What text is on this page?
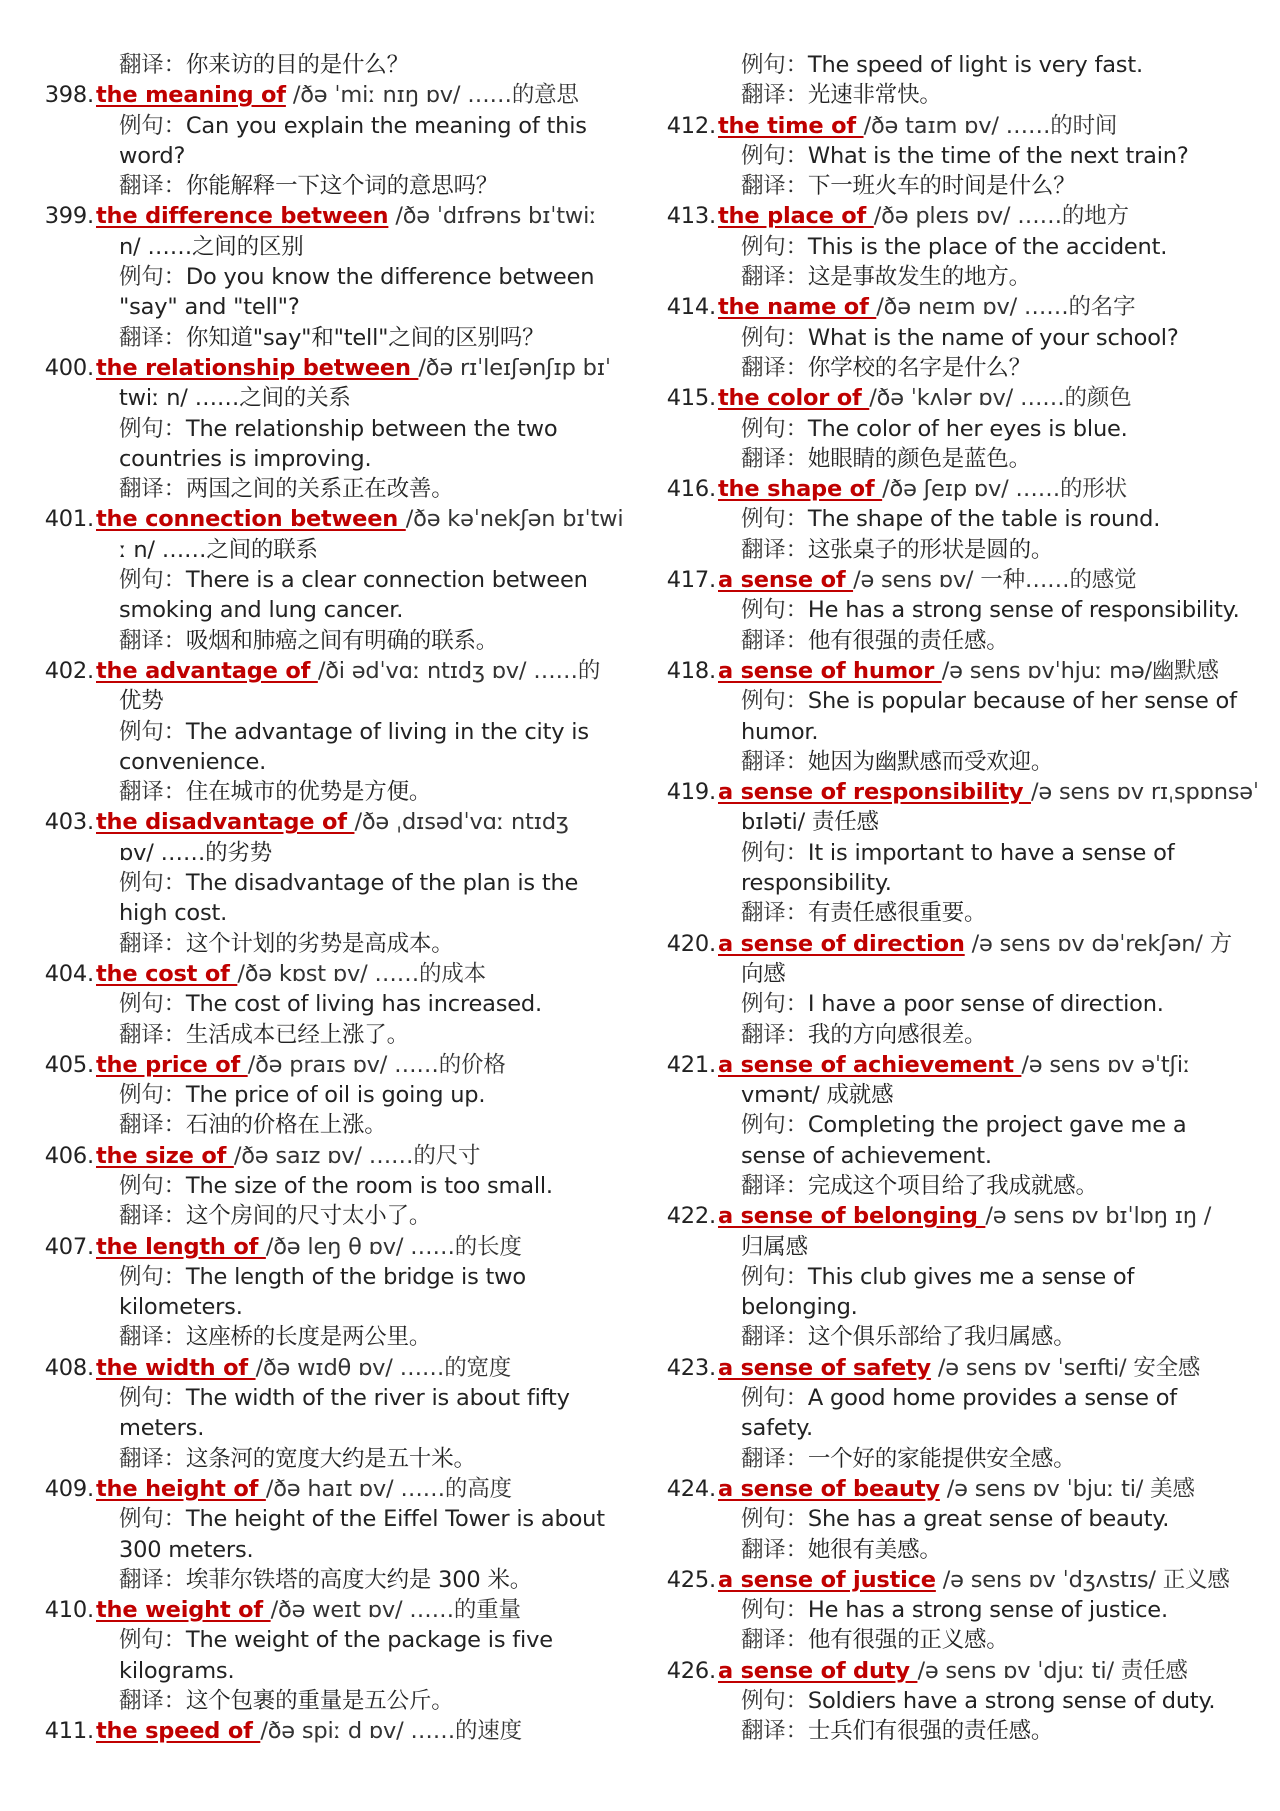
翻译：你来访的目的是什么？
398.the meaning of /ðə ˈmiː nɪŋ ɒv/ ……的意思
例句：Can you explain the meaning of this
word?
翻译：你能解释一下这个词的意思吗？
399.the difference between /ðə ˈdɪfrəns bɪˈtwiː
n/ ……之间的区别
例句：Do you know the difference between
"say" and "tell"?
翻译：你知道"say"和"tell"之间的区别吗？
400.the relationship between /ðə rɪˈleɪʃənʃɪp bɪˈ
twiː n/ ……之间的关系
例句：The relationship between the two
countries is improving.
翻译：两国之间的关系正在改善。
401.the connection between /ðə kəˈnekʃən bɪˈtwi
ː n/ ……之间的联系
例句：There is a clear connection between
smoking and lung cancer.
翻译：吸烟和肺癌之间有明确的联系。
402.the advantage of /ði ədˈvɑː ntɪdʒ ɒv/ ……的
优势
例句：The advantage of living in the city is
convenience.
翻译：住在城市的优势是方便。
403.the disadvantage of /ðə ˌdɪsədˈvɑː ntɪdʒ
ɒv/ ……的劣势
例句：The disadvantage of the plan is the
high cost.
翻译：这个计划的劣势是高成本。
404.the cost of /ðə kɒst ɒv/ ……的成本
例句：The cost of living has increased.
翻译：生活成本已经上涨了。
405.the price of /ðə praɪs ɒv/ ……的价格
例句：The price of oil is going up.
翻译：石油的价格在上涨。
406.the size of /ðə saɪz ɒv/ ……的尺寸
例句：The size of the room is too small.
翻译：这个房间的尺寸太小了。
407.the length of /ðə leŋ θ ɒv/ ……的长度
例句：The length of the bridge is two
kilometers.
翻译：这座桥的长度是两公里。
408.the width of /ðə wɪdθ ɒv/ ……的宽度
例句：The width of the river is about fifty
meters.
翻译：这条河的宽度大约是五十米。
409.the height of /ðə haɪt ɒv/ ……的高度
例句：The height of the Eiffel Tower is about
300 meters.
翻译：埃菲尔铁塔的高度大约是 300 米。
410.the weight of /ðə weɪt ɒv/ ……的重量
例句：The weight of the package is five
kilograms.
翻译：这个包裹的重量是五公斤。
411.the speed of /ðə spiː d ɒv/ ……的速度
例句：The speed of light is very fast.
翻译：光速非常快。
412.the time of /ðə taɪm ɒv/ ……的时间
例句：What is the time of the next train?
翻译：下一班火车的时间是什么？
413.the place of /ðə pleɪs ɒv/ ……的地方
例句：This is the place of the accident.
翻译：这是事故发生的地方。
414.the name of /ðə neɪm ɒv/ ……的名字
例句：What is the name of your school?
翻译：你学校的名字是什么？
415.the color of /ðə ˈkʌlər ɒv/ ……的颜色
例句：The color of her eyes is blue.
翻译：她眼睛的颜色是蓝色。
416.the shape of /ðə ʃeɪp ɒv/ ……的形状
例句：The shape of the table is round.
翻译：这张桌子的形状是圆的。
417.a sense of /ə sens ɒv/ 一种……的感觉
例句：He has a strong sense of responsibility.
翻译：他有很强的责任感。
418.a sense of humor /ə sens ɒvˈhjuː mə/幽默感
例句：She is popular because of her sense of
humor.
翻译：她因为幽默感而受欢迎。
419.a sense of responsibility /ə sens ɒv rɪˌspɒnsəˈ
bɪləti/ 责任感
例句：It is important to have a sense of
responsibility.
翻译：有责任感很重要。
420.a sense of direction /ə sens ɒv dəˈrekʃən/ 方
向感
例句：I have a poor sense of direction.
翻译：我的方向感很差。
421.a sense of achievement /ə sens ɒv əˈtʃiː
vmənt/ 成就感
例句：Completing the project gave me a
sense of achievement.
翻译：完成这个项目给了我成就感。
422.a sense of belonging /ə sens ɒv bɪˈlɒŋ ɪŋ /
归属感
例句：This club gives me a sense of
belonging.
翻译：这个俱乐部给了我归属感。
423.a sense of safety /ə sens ɒv ˈseɪfti/ 安全感
例句：A good home provides a sense of
safety.
翻译：一个好的家能提供安全感。
424.a sense of beauty /ə sens ɒv ˈbjuː ti/ 美感
例句：She has a great sense of beauty.
翻译：她很有美感。
425.a sense of justice /ə sens ɒv ˈdʒʌstɪs/ 正义感
例句：He has a strong sense of justice.
翻译：他有很强的正义感。
426.a sense of duty /ə sens ɒv ˈdjuː ti/ 责任感
例句：Soldiers have a strong sense of duty.
翻译：士兵们有很强的责任感。
